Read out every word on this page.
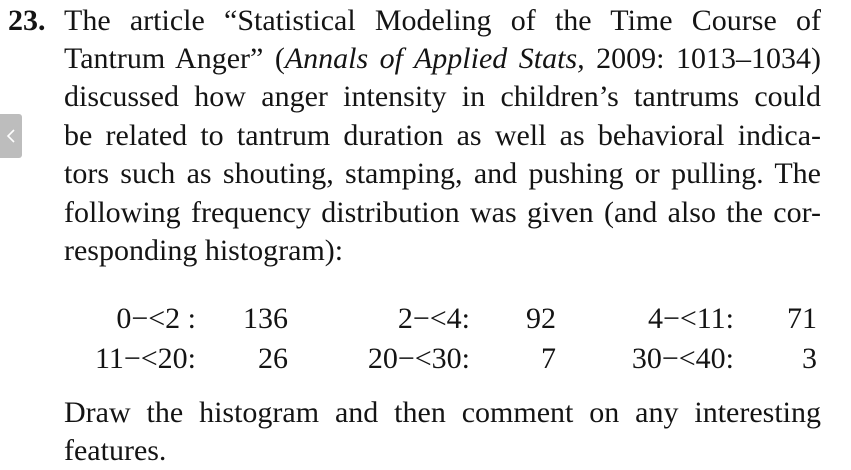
23. The article “Statistical Modeling of the Time Course of
Tantrum Anger” (Annals of Applied Stats, 2009: 1013–1034)
discussed how anger intensity in children’s tantrums could
be related to tantrum duration as well as behavioral indica-
tors such as shouting, stamping, and pushing or pulling. The
following frequency distribution was given (and also the cor-
responding histogram):
0−<2 :	136	2−<4:	92	4−<11:	71
11−<20:	26	20−<30:	7	30−<40:	3
Draw the histogram and then comment on any interesting
features.
